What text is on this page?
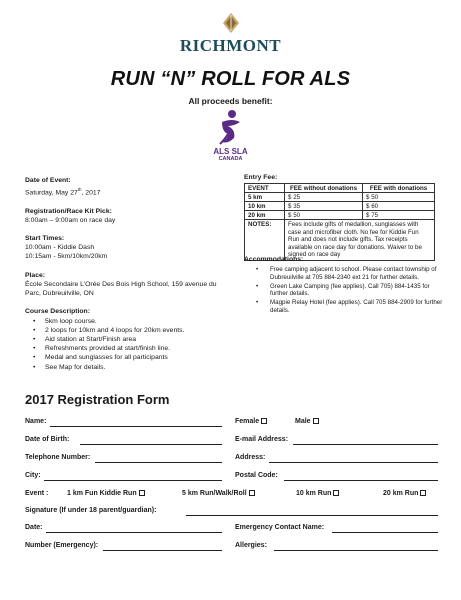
RICHMONT
RUN “N” ROLL FOR ALS
All proceeds benefit:
ALS SLA
CANADA
Date of Event:
Saturday, May 27th, 2017
Registration/Race Kit Pick:
8:00am – 9:00am on race day
Start Times:
10:00am - Kiddie Dash
10:15am - 5km/10km/20km
Place:
École Secondaire L’Orée Des Bois High School, 159 avenue du
Parc, Dubreuilville, ON
Course Description:
• 5km loop course.
• 2 loops for 10km and 4 loops for 20km events.
• Aid station at Start/Finish area
• Refreshments provided at start/finish line.
• Medal and sunglasses for all participants
• See Map for details.
Entry Fee:
EVENT	FEE without donations	FEE with donations
5 km	$ 25	$ 50
10 km	$ 35	$ 60
20 km	$ 50	$ 75
NOTES:	Fees include gifts of medallion, sunglasses with case and microfiber cloth. No fee for Kiddie Fun Run and does not include gifts. Tax receipts available on race day for donations. Waiver to be signed on race day	
Accommodations:
• Free camping adjacent to school. Please contact township of Dubreuilville at 705 884-2340 ext 21 for further details.
• Green Lake Camping (fee applies). Call 705) 884-1435 for further details.
• Magpie Relay Hotel (fee applies). Call 705 884-2909 for further details.
2017 Registration Form
Name:	Female	Male
Date of Birth:	E-mail Address:
Telephone Number:	Address:
City:	Postal Code:
Event :	1 km Fun Kiddie Run	5 km Run/Walk/Roll	10 km Run	20 km Run
Signature (If under 18 parent/guardian):
Date:	Emergency Contact Name:
Number (Emergency):	Allergies:
